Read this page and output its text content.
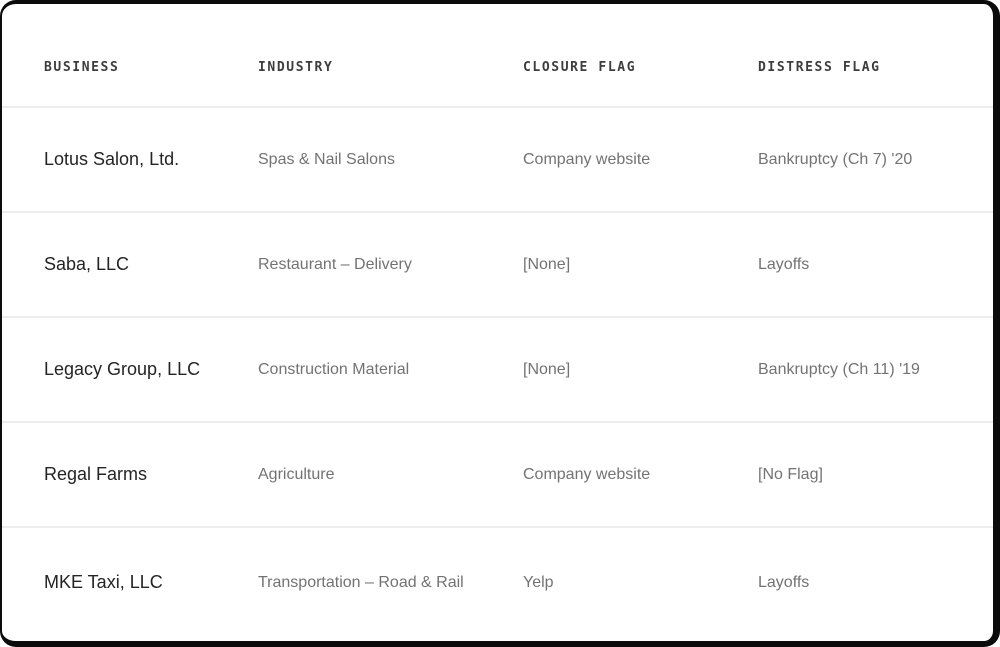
BUSINESS	INDUSTRY	CLOSURE FLAG	DISTRESS FLAG
Lotus Salon, Ltd.	Spas & Nail Salons	Company website	Bankruptcy (Ch 7) '20
Saba, LLC	Restaurant – Delivery	[None]	Layoffs
Legacy Group, LLC	Construction Material	[None]	Bankruptcy (Ch 11) '19
Regal Farms	Agriculture	Company website	[No Flag]
MKE Taxi, LLC	Transportation – Road & Rail	Yelp	Layoffs
